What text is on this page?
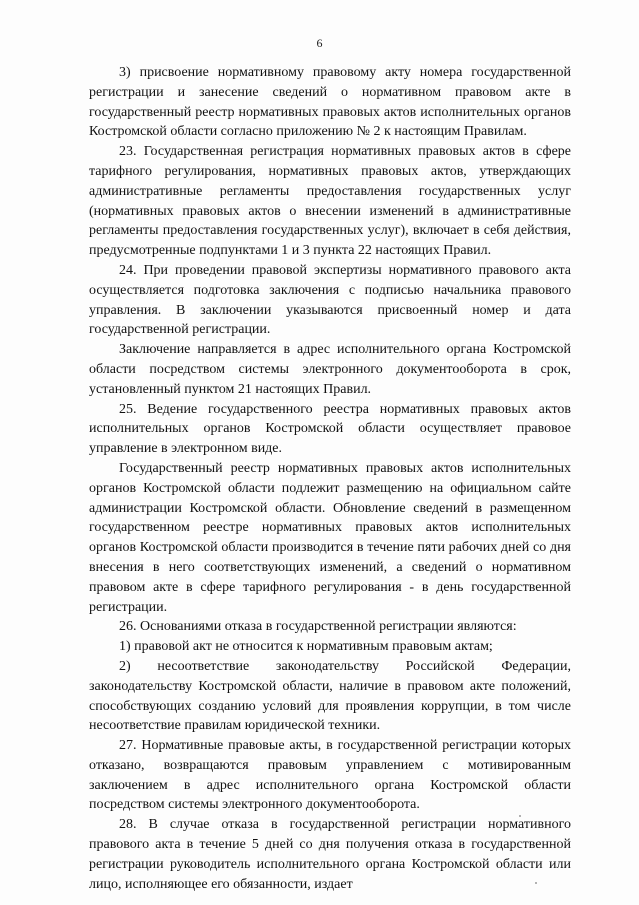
6

3) присвоение нормативному правовому акту номера государственной регистрации и занесение сведений о нормативном правовом акте в государственный реестр нормативных правовых актов исполнительных органов Костромской области согласно приложению № 2 к настоящим Правилам.

23. Государственная регистрация нормативных правовых актов в сфере тарифного регулирования, нормативных правовых актов, утверждающих административные регламенты предоставления государственных услуг (нормативных правовых актов о внесении изменений в административные регламенты предоставления государственных услуг), включает в себя действия, предусмотренные подпунктами 1 и 3 пункта 22 настоящих Правил.

24. При проведении правовой экспертизы нормативного правового акта осуществляется подготовка заключения с подписью начальника правового управления. В заключении указываются присвоенный номер и дата государственной регистрации.

Заключение направляется в адрес исполнительного органа Костромской области посредством системы электронного документооборота в срок, установленный пунктом 21 настоящих Правил.

25. Ведение государственного реестра нормативных правовых актов исполнительных органов Костромской области осуществляет правовое управление в электронном виде.

Государственный реестр нормативных правовых актов исполнительных органов Костромской области подлежит размещению на официальном сайте администрации Костромской области. Обновление сведений в размещенном государственном реестре нормативных правовых актов исполнительных органов Костромской области производится в течение пяти рабочих дней со дня внесения в него соответствующих изменений, а сведений о нормативном правовом акте в сфере тарифного регулирования - в день государственной регистрации.

26. Основаниями отказа в государственной регистрации являются:

1) правовой акт не относится к нормативным правовым актам;

2) несоответствие законодательству Российской Федерации, законодательству Костромской области, наличие в правовом акте положений, способствующих созданию условий для проявления коррупции, в том числе несоответствие правилам юридической техники.

27. Нормативные правовые акты, в государственной регистрации которых отказано, возвращаются правовым управлением с мотивированным заключением в адрес исполнительного органа Костромской области посредством системы электронного документооборота.

28. В случае отказа в государственной регистрации нормативного правового акта в течение 5 дней со дня получения отказа в государственной регистрации руководитель исполнительного органа Костромской области или лицо, исполняющее его обязанности, издает
